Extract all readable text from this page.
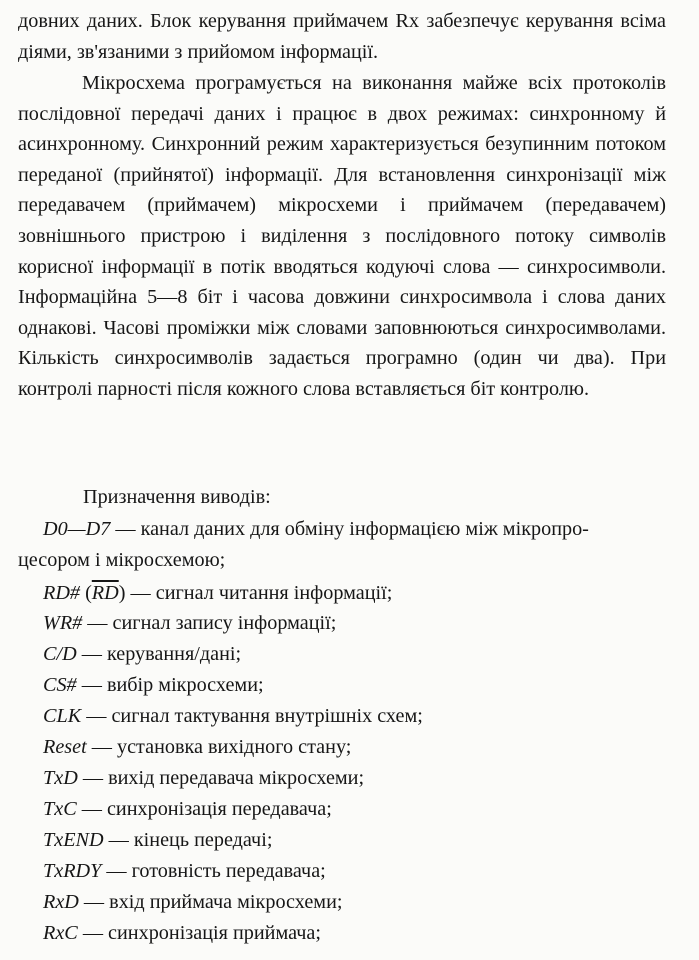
довних даних. Блок керування приймачем Rx забезпечує керування всіма діями, зв'язаними з прийомом інформації.

Мікросхема програмується на виконання майже всіх протоколів послідовної передачі даних і працює в двох режимах: синхронному й асинхронному. Синхронний режим характеризується безупинним потоком переданої (прийнятої) інформації. Для встановлення синхронізації між передавачем (приймачем) мікросхеми і приймачем (передавачем) зовнішнього пристрою і виділення з послідовного потоку символів корисної інформації в потік вводяться кодуючі слова — синхросимволи. Інформаційна 5—8 біт і часова довжини синхросимвола і слова даних однакові. Часові проміжки між словами заповнюються синхросимволами. Кількість синхросимволів задається програмно (один чи два). При контролі парності після кожного слова вставляється біт контролю.

Призначення виводів:

D0—D7 — канал даних для обміну інформацією між мікропро-
цесором і мікросхемою;
RD# $(\overline{RD})$ — сигнал читання інформації;
WR# — сигнал запису інформації;
C/D — керування/дані;
CS# — вибір мікросхеми;
CLK — сигнал тактування внутрішніх схем;
Reset — установка вихідного стану;
TxD — вихід передавача мікросхеми;
TxC — синхронізація передавача;
TxEND — кінець передачі;
TxRDY — готовність передавача;
RxD — вхід приймача мікросхеми;
RxC — синхронізація приймача;
